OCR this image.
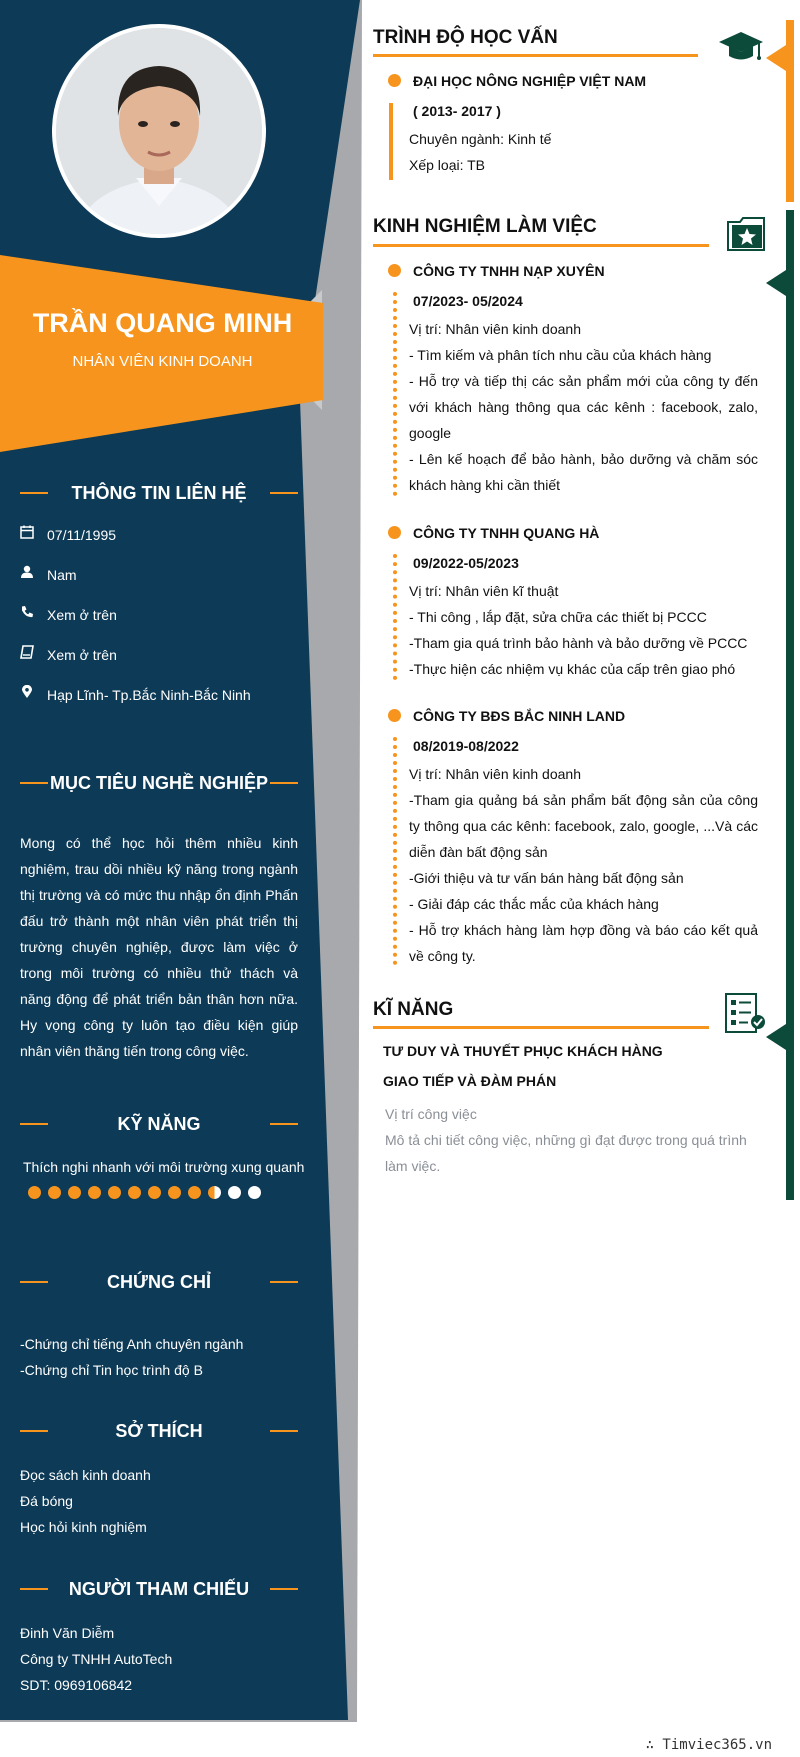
TRẦN QUANG MINH
NHÂN VIÊN KINH DOANH
THÔNG TIN LIÊN HỆ
07/11/1995
Nam
Xem ở trên
Xem ở trên
Hạp Lĩnh- Tp.Bắc Ninh-Bắc Ninh
MỤC TIÊU NGHỀ NGHIỆP
Mong có thể học hỏi thêm nhiều kinh nghiệm, trau dồi nhiều kỹ năng trong ngành thị trường và có mức thu nhập ổn định Phấn đấu trở thành một nhân viên phát triển thị trường chuyên nghiệp, được làm việc ở trong môi trường có nhiều thử thách và năng động để phát triển bản thân hơn nữa. Hy vọng công ty luôn tạo điều kiện giúp nhân viên thăng tiến trong công việc.
KỸ NĂNG
Thích nghi nhanh với môi trường xung quanh
CHỨNG CHỈ
-Chứng chỉ tiếng Anh chuyên ngành
-Chứng chỉ Tin học trình độ B
SỞ THÍCH
Đọc sách kinh doanh
Đá bóng
Học hỏi kinh nghiệm
NGƯỜI THAM CHIẾU
Đinh Văn Diễm
Công ty TNHH AutoTech
SDT: 0969106842
TRÌNH ĐỘ HỌC VẤN
ĐẠI HỌC NÔNG NGHIỆP VIỆT NAM
( 2013- 2017 )
Chuyên ngành: Kinh tế
Xếp loại: TB
KINH NGHIỆM LÀM VIỆC
CÔNG TY TNHH NẠP XUYÊN
07/2023- 05/2024
Vị trí: Nhân viên kinh doanh
- Tìm kiếm và phân tích nhu cầu của khách hàng
- Hỗ trợ và tiếp thị các sản phẩm mới của công ty đến với khách hàng thông qua các kênh : facebook, zalo, google
- Lên kế hoạch để bảo hành, bảo dưỡng và chăm sóc khách hàng khi cần thiết
CÔNG TY TNHH QUANG HÀ
09/2022-05/2023
Vị trí: Nhân viên kĩ thuật
- Thi công , lắp đặt, sửa chữa các thiết bị PCCC
-Tham gia quá trình bảo hành và bảo dưỡng về PCCC
-Thực hiện các nhiệm vụ khác của cấp trên giao phó
CÔNG TY BĐS BẮC NINH LAND
08/2019-08/2022
Vị trí: Nhân viên kinh doanh
-Tham gia quảng bá sản phẩm bất động sản của công ty thông qua các kênh: facebook, zalo, google, ...Và các diễn đàn bất động sản
-Giới thiệu và tư vấn bán hàng bất động sản
- Giải đáp các thắc mắc của khách hàng
- Hỗ trợ khách hàng làm hợp đồng và báo cáo kết quả về công ty.
KĨ NĂNG
TƯ DUY VÀ THUYẾT PHỤC KHÁCH HÀNG
GIAO TIẾP VÀ ĐÀM PHÁN
Vị trí công việc
Mô tả chi tiết công việc, những gì đạt được trong quá trình làm việc.
∴ Timviec365.vn
